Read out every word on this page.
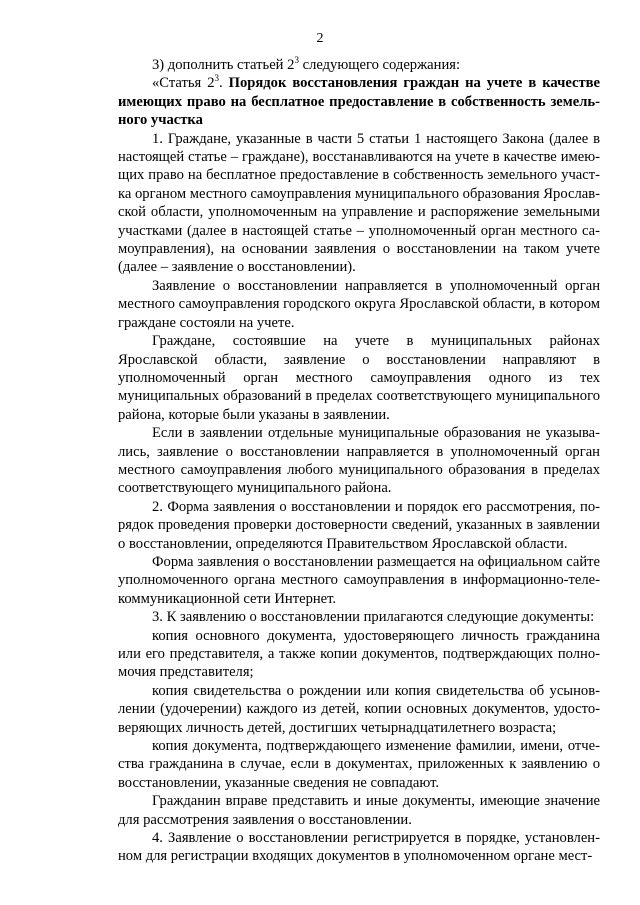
2

3) дополнить статьей $2^3$ следующего содержания:

«Статья $2^3$. Порядок восстановления граждан на учете в качестве имеющих право на бесплатное предоставление в собственность земельного участка

1. Граждане, указанные в части 5 статьи 1 настоящего Закона (далее в настоящей статье – граждане), восстанавливаются на учете в качестве имеющих право на бесплатное предоставление в собственность земельного участка органом местного самоуправления муниципального образования Ярославской области, уполномоченным на управление и распоряжение земельными участками (далее в настоящей статье – уполномоченный орган местного самоуправления), на основании заявления о восстановлении на таком учете (далее – заявление о восстановлении).

Заявление о восстановлении направляется в уполномоченный орган местного самоуправления городского округа Ярославской области, в котором граждане состояли на учете.

Граждане, состоявшие на учете в муниципальных районах Ярославской области, заявление о восстановлении направляют в уполномоченный орган местного самоуправления одного из тех муниципальных образований в пределах соответствующего муниципального района, которые были указаны в заявлении.

Если в заявлении отдельные муниципальные образования не указывались, заявление о восстановлении направляется в уполномоченный орган местного самоуправления любого муниципального образования в пределах соответствующего муниципального района.

2. Форма заявления о восстановлении и порядок его рассмотрения, порядок проведения проверки достоверности сведений, указанных в заявлении о восстановлении, определяются Правительством Ярославской области.

Форма заявления о восстановлении размещается на официальном сайте уполномоченного органа местного самоуправления в информационно-телекоммуникационной сети Интернет.

3. К заявлению о восстановлении прилагаются следующие документы:

копия основного документа, удостоверяющего личность гражданина или его представителя, а также копии документов, подтверждающих полномочия представителя;

копия свидетельства о рождении или копия свидетельства об усыновлении (удочерении) каждого из детей, копии основных документов, удостоверяющих личность детей, достигших четырнадцатилетнего возраста;

копия документа, подтверждающего изменение фамилии, имени, отчества гражданина в случае, если в документах, приложенных к заявлению о восстановлении, указанные сведения не совпадают.

Гражданин вправе представить и иные документы, имеющие значение для рассмотрения заявления о восстановлении.

4. Заявление о восстановлении регистрируется в порядке, установленном для регистрации входящих документов в уполномоченном органе мест-
